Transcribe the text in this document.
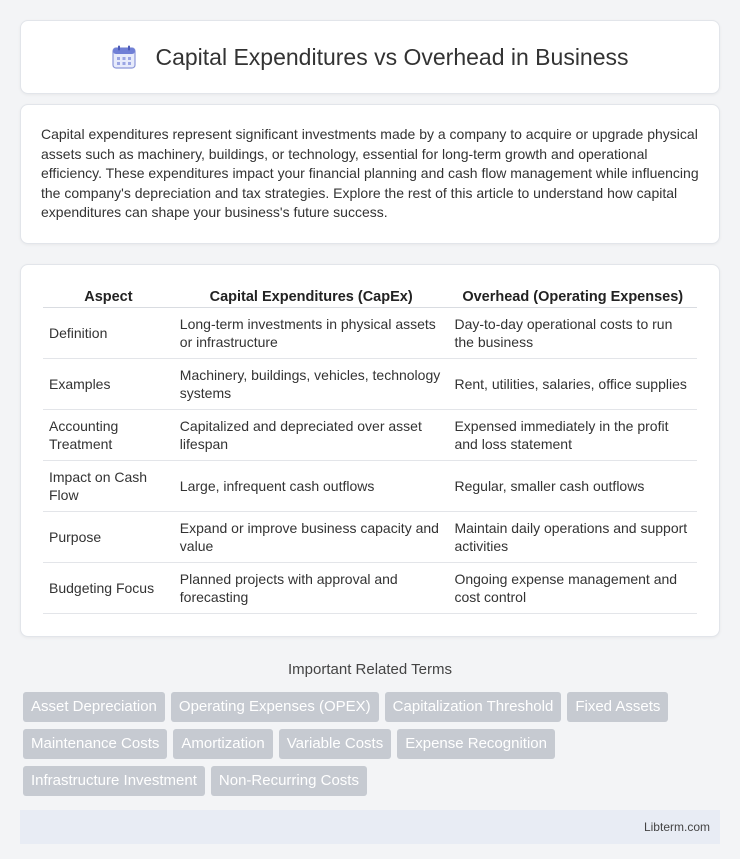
Capital Expenditures vs Overhead in Business

Capital expenditures represent significant investments made by a company to acquire or upgrade physical assets such as machinery, buildings, or technology, essential for long-term growth and operational efficiency. These expenditures impact your financial planning and cash flow management while influencing the company's depreciation and tax strategies. Explore the rest of this article to understand how capital expenditures can shape your business's future success.

Aspect	Capital Expenditures (CapEx)	Overhead (Operating Expenses)
Definition	Long-term investments in physical assets or infrastructure	Day-to-day operational costs to run the business
Examples	Machinery, buildings, vehicles, technology systems	Rent, utilities, salaries, office supplies
Accounting Treatment	Capitalized and depreciated over asset lifespan	Expensed immediately in the profit and loss statement
Impact on Cash Flow	Large, infrequent cash outflows	Regular, smaller cash outflows
Purpose	Expand or improve business capacity and value	Maintain daily operations and support activities
Budgeting Focus	Planned projects with approval and forecasting	Ongoing expense management and cost control
Important Related Terms
Asset Depreciation	Operating Expenses (OPEX)	Capitalization Threshold	Fixed Assets
Maintenance Costs	Amortization	Variable Costs	Expense Recognition
Infrastructure Investment	Non-Recurring Costs
Libterm.com
